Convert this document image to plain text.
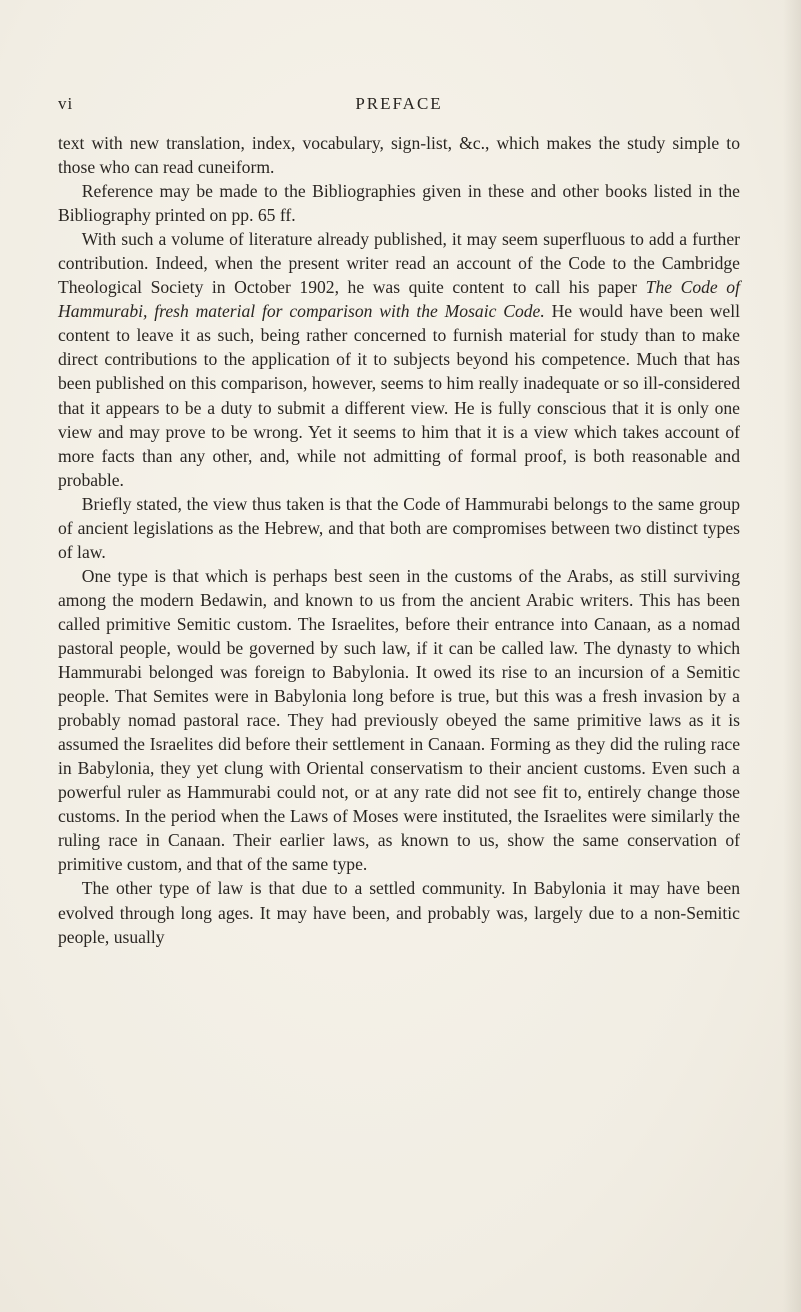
vi	PREFACE

text with new translation, index, vocabulary, sign-list, &c., which makes the study simple to those who can read cuneiform.

Reference may be made to the Bibliographies given in these and other books listed in the Bibliography printed on pp. 65 ff.

With such a volume of literature already published, it may seem superfluous to add a further contribution. Indeed, when the present writer read an account of the Code to the Cambridge Theological Society in October 1902, he was quite content to call his paper The Code of Hammurabi, fresh material for comparison with the Mosaic Code. He would have been well content to leave it as such, being rather concerned to furnish material for study than to make direct contributions to the application of it to subjects beyond his competence. Much that has been published on this comparison, however, seems to him really inadequate or so ill-considered that it appears to be a duty to submit a different view. He is fully conscious that it is only one view and may prove to be wrong. Yet it seems to him that it is a view which takes account of more facts than any other, and, while not admitting of formal proof, is both reasonable and probable.

Briefly stated, the view thus taken is that the Code of Hammurabi belongs to the same group of ancient legislations as the Hebrew, and that both are compromises between two distinct types of law.

One type is that which is perhaps best seen in the customs of the Arabs, as still surviving among the modern Bedawin, and known to us from the ancient Arabic writers. This has been called primitive Semitic custom. The Israelites, before their entrance into Canaan, as a nomad pastoral people, would be governed by such law, if it can be called law. The dynasty to which Hammurabi belonged was foreign to Babylonia. It owed its rise to an incursion of a Semitic people. That Semites were in Babylonia long before is true, but this was a fresh invasion by a probably nomad pastoral race. They had previously obeyed the same primitive laws as it is assumed the Israelites did before their settlement in Canaan. Forming as they did the ruling race in Babylonia, they yet clung with Oriental conservatism to their ancient customs. Even such a powerful ruler as Hammurabi could not, or at any rate did not see fit to, entirely change those customs. In the period when the Laws of Moses were instituted, the Israelites were similarly the ruling race in Canaan. Their earlier laws, as known to us, show the same conservation of primitive custom, and that of the same type.

The other type of law is that due to a settled community. In Babylonia it may have been evolved through long ages. It may have been, and probably was, largely due to a non-Semitic people, usually
